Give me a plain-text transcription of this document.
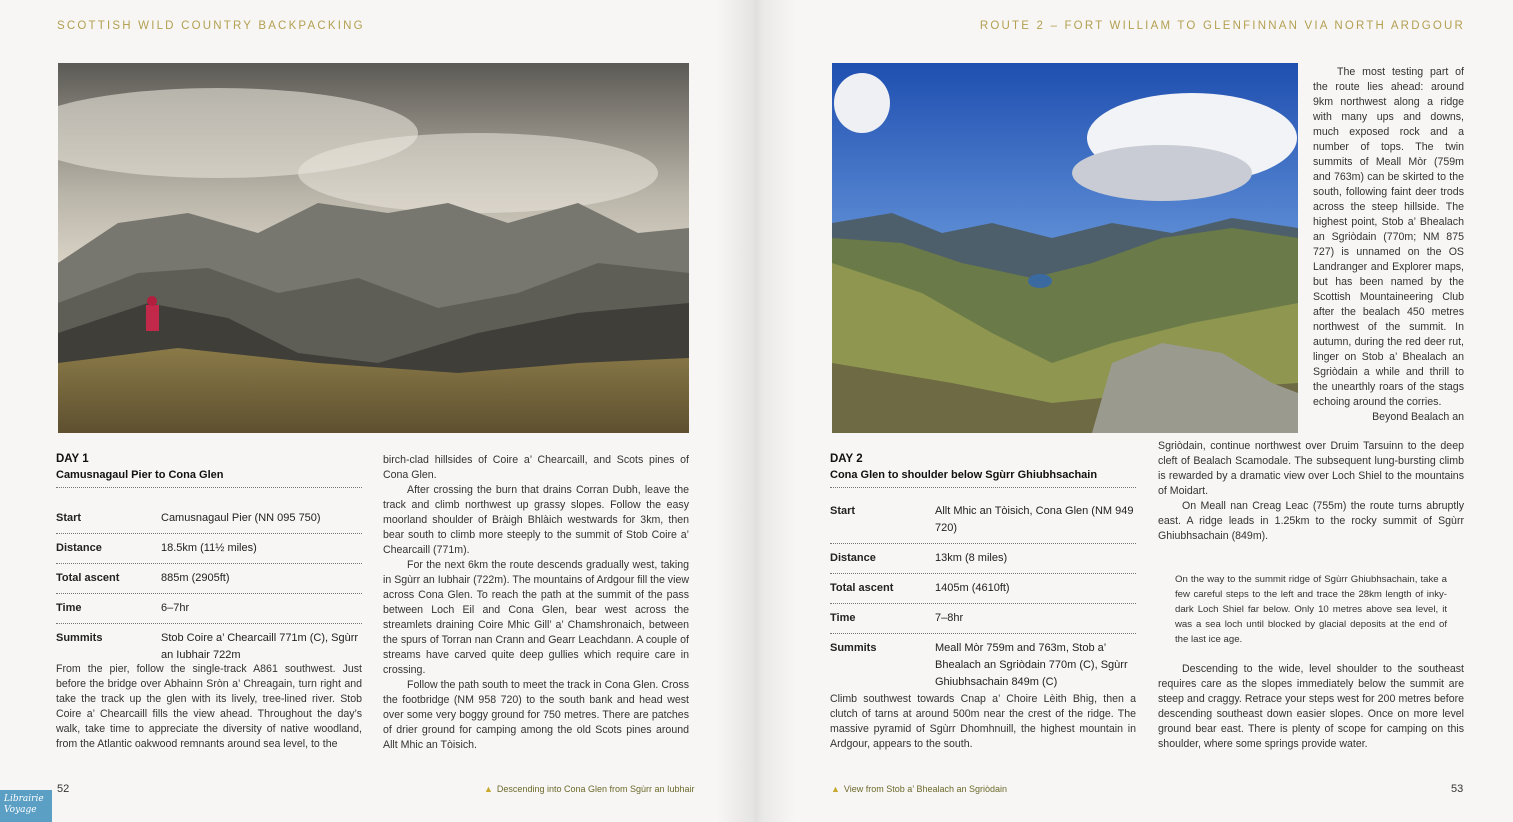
SCOTTISH WILD COUNTRY BACKPACKING
DAY 1
Camusnagaul Pier to Cona Glen
Start	Camusnagaul Pier (NN 095 750)
Distance	18.5km (11½ miles)
Total ascent	885m (2905ft)
Time	6–7hr
Summits	Stob Coire a’ Chearcaill 771m (C), Sgùrr an Iubhair 722m

From the pier, follow the single-track A861 southwest. Just before the bridge over Abhainn Sròn a’ Chreagain, turn right and take the track up the glen with its lively, tree-lined river. Stob Coire a’ Chearcaill fills the view ahead. Throughout the day’s walk, take time to appreciate the diversity of native woodland, from the Atlantic oakwood remnants around sea level, to the

birch-clad hillsides of Coire a’ Chearcaill, and Scots pines of Cona Glen.

After crossing the burn that drains Corran Dubh, leave the track and climb northwest up grassy slopes. Follow the easy moorland shoulder of Bràigh Bhlàich westwards for 3km, then bear south to climb more steeply to the summit of Stob Coire a’ Chearcaill (771m).

For the next 6km the route descends gradually west, taking in Sgùrr an Iubhair (722m). The mountains of Ardgour fill the view across Cona Glen. To reach the path at the summit of the pass between Loch Eil and Cona Glen, bear west across the streamlets draining Coire Mhic Gill’ a’ Chamshronaich, between the spurs of Torran nan Crann and Gearr Leachdann. A couple of streams have carved quite deep gullies which require care in crossing.

Follow the path south to meet the track in Cona Glen. Cross the footbridge (NM 958 720) to the south bank and head west over some very boggy ground for 750 metres. There are patches of drier ground for camping among the old Scots pines around Allt Mhic an Tòisich.

▲ Descending into Cona Glen from Sgùrr an Iubhair
52
ROUTE 2 – FORT WILLIAM TO GLENFINNAN VIA NORTH ARDGOUR

The most testing part of the route lies ahead: around 9km northwest along a ridge with many ups and downs, much exposed rock and a number of tops. The twin summits of Meall Mòr (759m and 763m) can be skirted to the south, following faint deer trods across the steep hillside. The highest point, Stob a’ Bhealach an Sgriòdain (770m; NM 875 727) is unnamed on the OS Landranger and Explorer maps, but has been named by the Scottish Mountaineering Club after the bealach 450 metres northwest of the summit. In autumn, during the red deer rut, linger on Stob a’ Bhealach an Sgriòdain a while and thrill to the unearthly roars of the stags echoing around the corries.

Beyond Bealach an

DAY 2
Cona Glen to shoulder below Sgùrr Ghiubhsachain
Start	Allt Mhic an Tòisich, Cona Glen (NM 949 720)
Distance	13km (8 miles)
Total ascent	1405m (4610ft)
Time	7–8hr
Summits	Meall Mòr 759m and 763m, Stob a’ Bhealach an Sgriòdain 770m (C), Sgùrr Ghiubhsachain 849m (C)

Climb southwest towards Cnap a’ Choire Lèith Bhig, then a clutch of tarns at around 500m near the crest of the ridge. The massive pyramid of Sgùrr Dhomhnuill, the highest mountain in Ardgour, appears to the south.

Sgriòdain, continue northwest over Druim Tarsuinn to the deep cleft of Bealach Scamodale. The subsequent lung-bursting climb is rewarded by a dramatic view over Loch Shiel to the mountains of Moidart.

On Meall nan Creag Leac (755m) the route turns abruptly east. A ridge leads in 1.25km to the rocky summit of Sgùrr Ghiubhsachain (849m).

On the way to the summit ridge of Sgùrr Ghiubhsachain, take a few careful steps to the left and trace the 28km length of inky-dark Loch Shiel far below. Only 10 metres above sea level, it was a sea loch until blocked by glacial deposits at the end of the last ice age.

Descending to the wide, level shoulder to the southeast requires care as the slopes immediately below the summit are steep and craggy. Retrace your steps west for 200 metres before descending southeast down easier slopes. Once on more level ground bear east. There is plenty of scope for camping on this shoulder, where some springs provide water.

▲ View from Stob a’ Bhealach an Sgriòdain	53
Librairie Voyage
